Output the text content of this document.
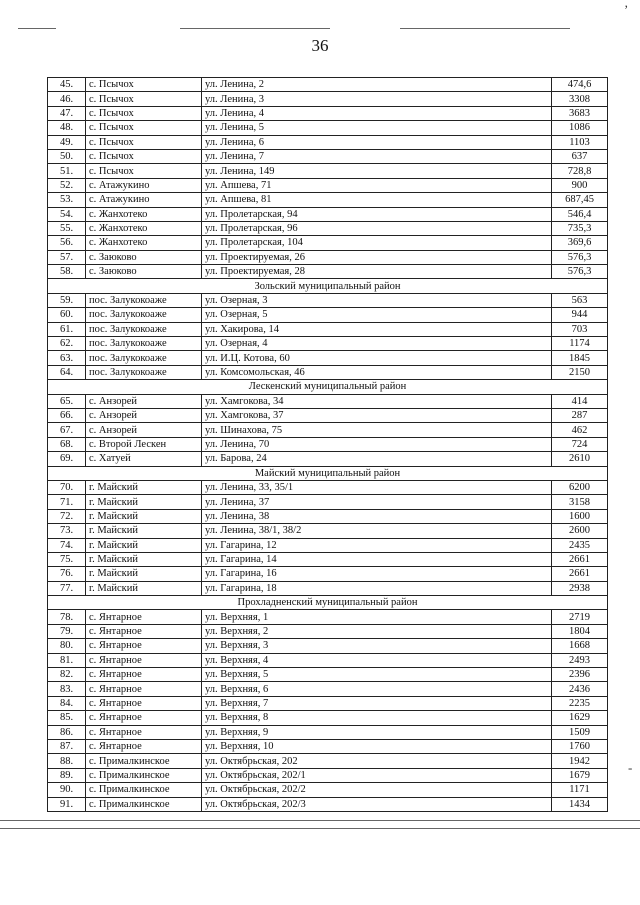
’
‑
36
45.	с. Псычох	ул. Ленина, 2	474,6
46.	с. Псычох	ул. Ленина, 3	3308
47.	с. Псычох	ул. Ленина, 4	3683
48.	с. Псычох	ул. Ленина, 5	1086
49.	с. Псычох	ул. Ленина, 6	1103
50.	с. Псычох	ул. Ленина, 7	637
51.	с. Псычох	ул. Ленина, 149	728,8
52.	с. Атажукино	ул. Апшева, 71	900
53.	с. Атажукино	ул. Апшева, 81	687,45
54.	с. Жанхотеко	ул. Пролетарская, 94	546,4
55.	с. Жанхотеко	ул. Пролетарская, 96	735,3
56.	с. Жанхотеко	ул. Пролетарская, 104	369,6
57.	с. Заюково	ул. Проектируемая, 26	576,3
58.	с. Заюково	ул. Проектируемая, 28	576,3
Зольский муниципальный район			
59.	пос. Залукокоаже	ул. Озерная, 3	563
60.	пос. Залукокоаже	ул. Озерная, 5	944
61.	пос. Залукокоаже	ул. Хакирова, 14	703
62.	пос. Залукокоаже	ул. Озерная, 4	1174
63.	пос. Залукокоаже	ул. И.Ц. Котова, 60	1845
64.	пос. Залукокоаже	ул. Комсомольская, 46	2150
Лескенский муниципальный район			
65.	с. Анзорей	ул. Хамгокова, 34	414
66.	с. Анзорей	ул. Хамгокова, 37	287
67.	с. Анзорей	ул. Шинахова, 75	462
68.	с. Второй Лескен	ул. Ленина, 70	724
69.	с. Хатуей	ул. Барова, 24	2610
Майский муниципальный район			
70.	г. Майский	ул. Ленина, 33, 35/1	6200
71.	г. Майский	ул. Ленина, 37	3158
72.	г. Майский	ул. Ленина, 38	1600
73.	г. Майский	ул. Ленина, 38/1, 38/2	2600
74.	г. Майский	ул. Гагарина, 12	2435
75.	г. Майский	ул. Гагарина, 14	2661
76.	г. Майский	ул. Гагарина, 16	2661
77.	г. Майский	ул. Гагарина, 18	2938
Прохладненский муниципальный район			
78.	с. Янтарное	ул. Верхняя, 1	2719
79.	с. Янтарное	ул. Верхняя, 2	1804
80.	с. Янтарное	ул. Верхняя, 3	1668
81.	с. Янтарное	ул. Верхняя, 4	2493
82.	с. Янтарное	ул. Верхняя, 5	2396
83.	с. Янтарное	ул. Верхняя, 6	2436
84.	с. Янтарное	ул. Верхняя, 7	2235
85.	с. Янтарное	ул. Верхняя, 8	1629
86.	с. Янтарное	ул. Верхняя, 9	1509
87.	с. Янтарное	ул. Верхняя, 10	1760
88.	с. Прималкинское	ул. Октябрьская, 202	1942
89.	с. Прималкинское	ул. Октябрьская, 202/1	1679
90.	с. Прималкинское	ул. Октябрьская, 202/2	1171
91.	с. Прималкинское	ул. Октябрьская, 202/3	1434
